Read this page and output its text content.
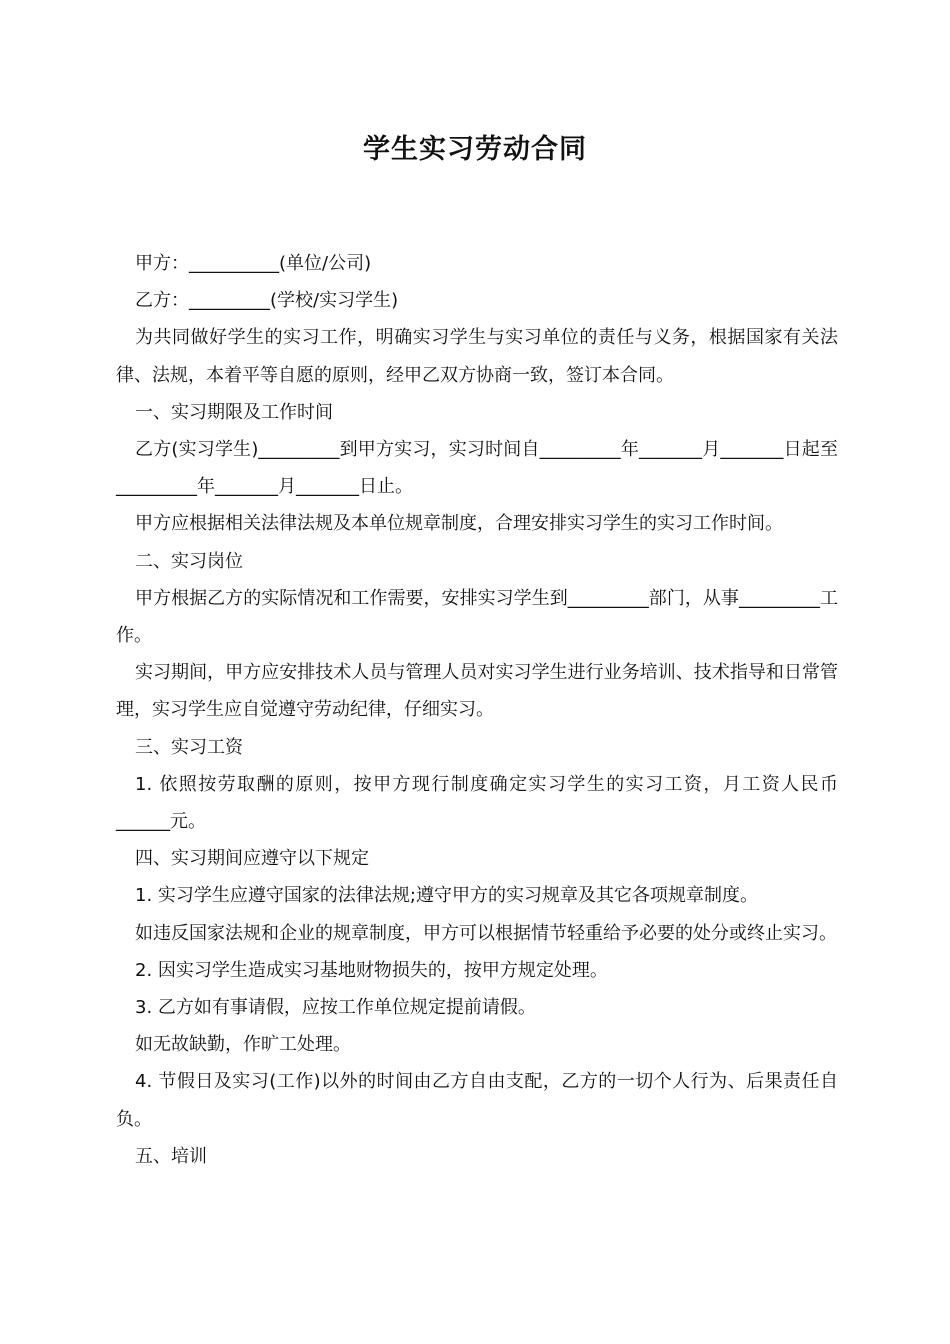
学生实习劳动合同

甲方：__________(单位/公司)

乙方：_________(学校/实习学生)

为共同做好学生的实习工作，明确实习学生与实习单位的责任与义务，根据国家有关法律、法规，本着平等自愿的原则，经甲乙双方协商一致，签订本合同。

一、实习期限及工作时间

乙方(实习学生)_________到甲方实习，实习时间自_________年_______月_______日起至_________年_______月_______日止。

甲方应根据相关法律法规及本单位规章制度，合理安排实习学生的实习工作时间。

二、实习岗位

甲方根据乙方的实际情况和工作需要，安排实习学生到_________部门，从事_________工作。

实习期间，甲方应安排技术人员与管理人员对实习学生进行业务培训、技术指导和日常管理，实习学生应自觉遵守劳动纪律，仔细实习。

三、实习工资

1. 依照按劳取酬的原则，按甲方现行制度确定实习学生的实习工资，月工资人民币______元。

四、实习期间应遵守以下规定

1. 实习学生应遵守国家的法律法规;遵守甲方的实习规章及其它各项规章制度。

如违反国家法规和企业的规章制度，甲方可以根据情节轻重给予必要的处分或终止实习。

2. 因实习学生造成实习基地财物损失的，按甲方规定处理。

3. 乙方如有事请假，应按工作单位规定提前请假。

如无故缺勤，作旷工处理。

4. 节假日及实习(工作)以外的时间由乙方自由支配，乙方的一切个人行为、后果责任自负。

五、培训
